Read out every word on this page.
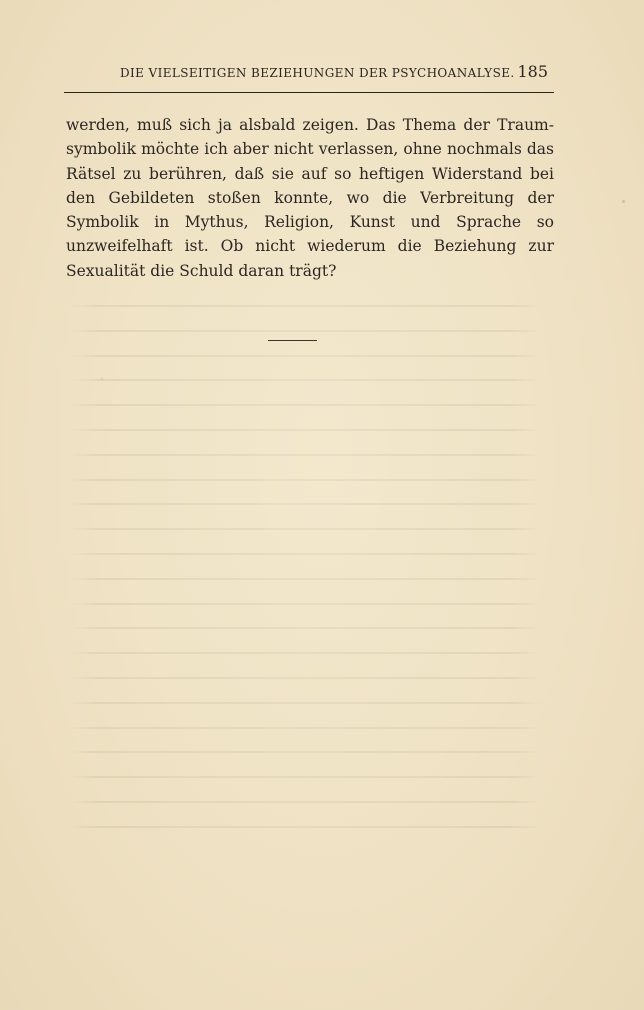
DIE VIELSEITIGEN BEZIEHUNGEN DER PSYCHOANALYSE. 185

werden, muß sich ja alsbald zeigen. Das Thema der Traumsymbolik möchte ich aber nicht verlassen, ohne nochmals das Rätsel zu berühren, daß sie auf so heftigen Widerstand bei den Gebildeten stoßen konnte, wo die Verbreitung der Symbolik in Mythus, Religion, Kunst und Sprache so unzweifelhaft ist. Ob nicht wiederum die Beziehung zur Sexualität die Schuld daran trägt?
